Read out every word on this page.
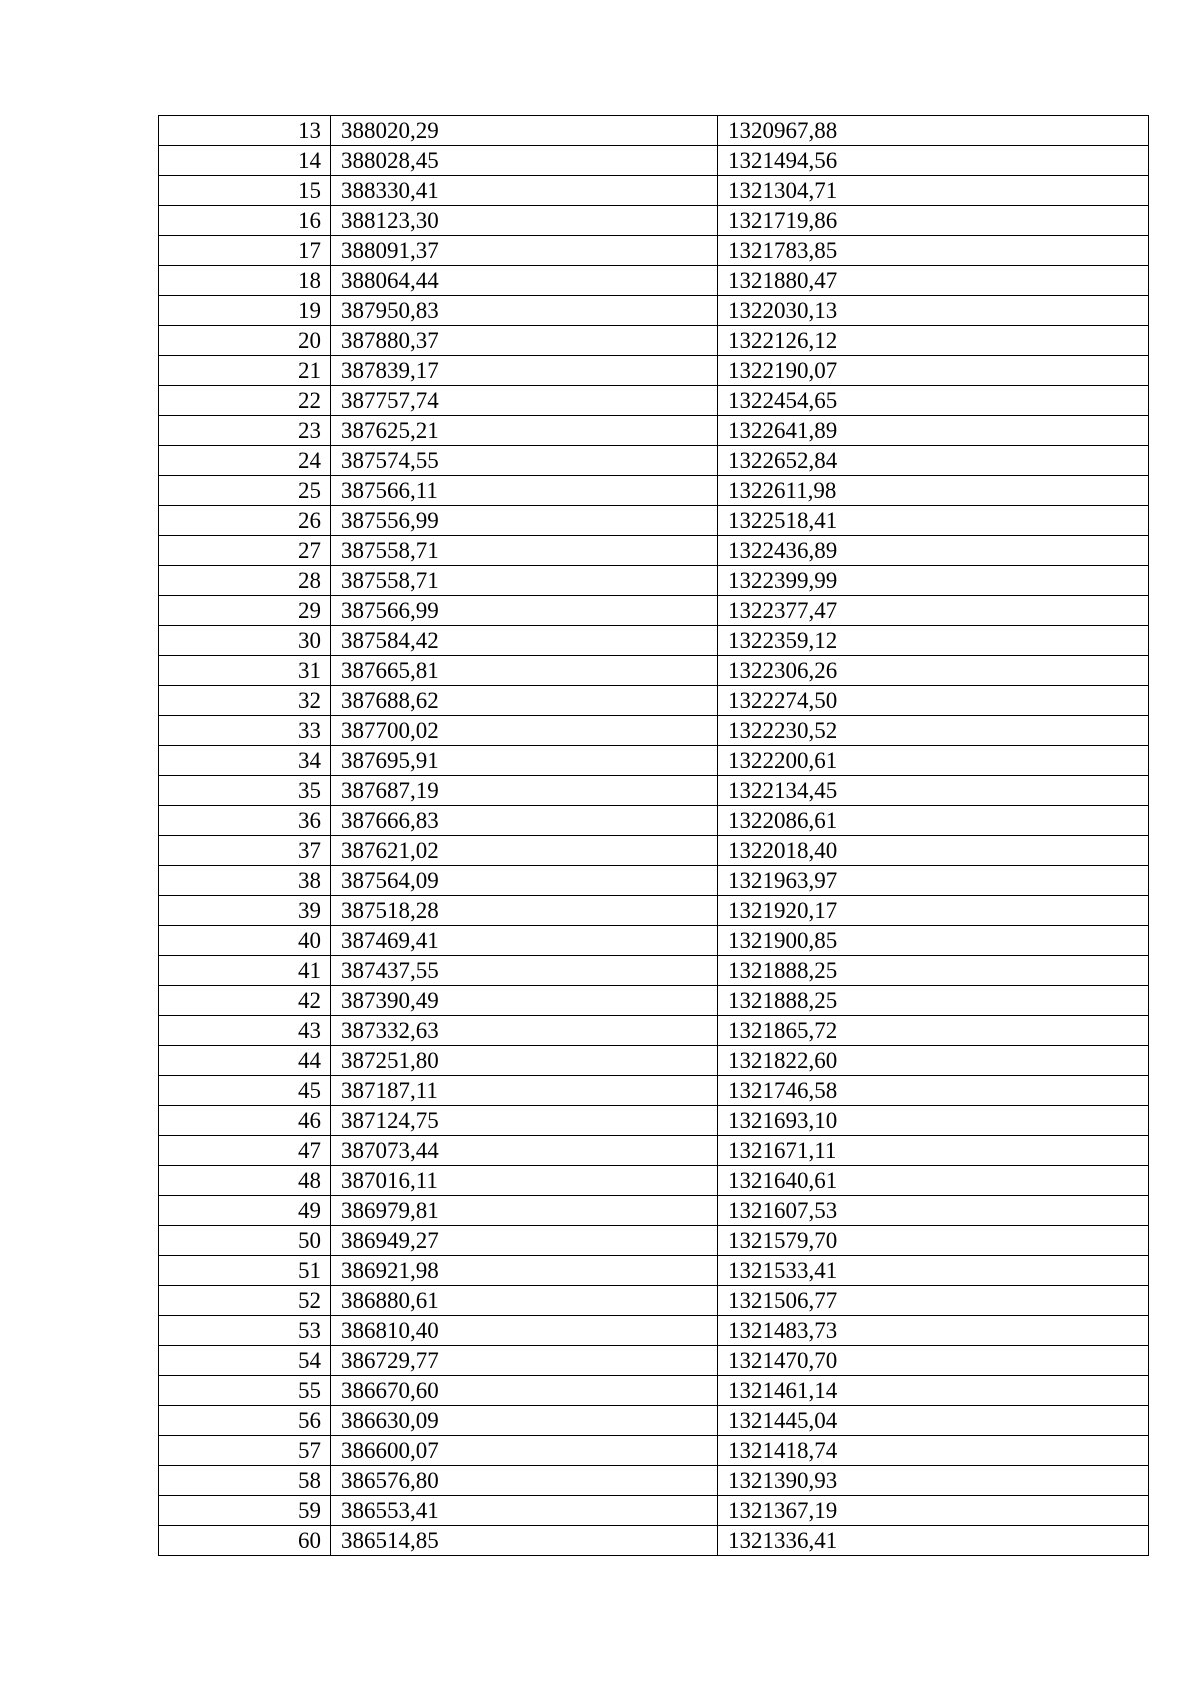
13	388020,29	1320967,88
14	388028,45	1321494,56
15	388330,41	1321304,71
16	388123,30	1321719,86
17	388091,37	1321783,85
18	388064,44	1321880,47
19	387950,83	1322030,13
20	387880,37	1322126,12
21	387839,17	1322190,07
22	387757,74	1322454,65
23	387625,21	1322641,89
24	387574,55	1322652,84
25	387566,11	1322611,98
26	387556,99	1322518,41
27	387558,71	1322436,89
28	387558,71	1322399,99
29	387566,99	1322377,47
30	387584,42	1322359,12
31	387665,81	1322306,26
32	387688,62	1322274,50
33	387700,02	1322230,52
34	387695,91	1322200,61
35	387687,19	1322134,45
36	387666,83	1322086,61
37	387621,02	1322018,40
38	387564,09	1321963,97
39	387518,28	1321920,17
40	387469,41	1321900,85
41	387437,55	1321888,25
42	387390,49	1321888,25
43	387332,63	1321865,72
44	387251,80	1321822,60
45	387187,11	1321746,58
46	387124,75	1321693,10
47	387073,44	1321671,11
48	387016,11	1321640,61
49	386979,81	1321607,53
50	386949,27	1321579,70
51	386921,98	1321533,41
52	386880,61	1321506,77
53	386810,40	1321483,73
54	386729,77	1321470,70
55	386670,60	1321461,14
56	386630,09	1321445,04
57	386600,07	1321418,74
58	386576,80	1321390,93
59	386553,41	1321367,19
60	386514,85	1321336,41
